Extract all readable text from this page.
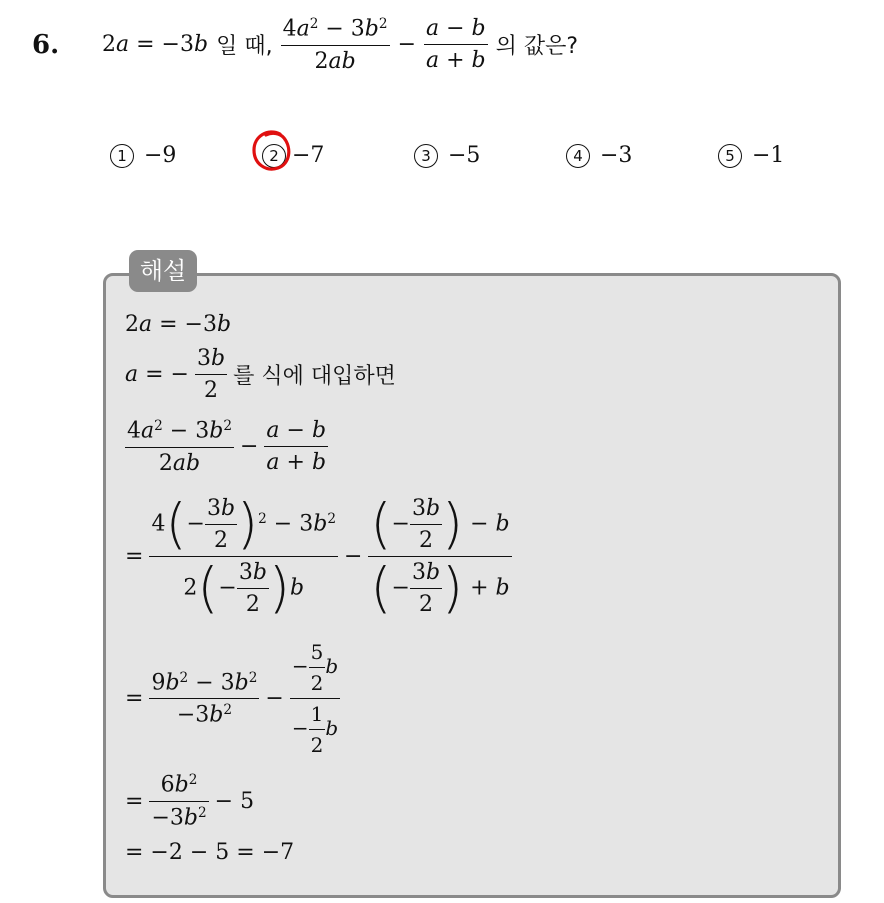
6. 2a = −3b 일 때, $\frac{4a^2 - 3b^2}{2ab} - \frac{a - b}{a + b}$ 의 값은?
1 −9	2 −7	3 −5	4 −3	5 −1
해설
2a = −3b
a = − $\frac{3b}{2}$ 를 식에 대입하면
$\frac{4a^2 - 3b^2}{2ab} - \frac{a - b}{a + b}$
= $\frac{4(- \frac{3b}{2} )^2 - 3b^2}{2(- \frac{3b}{2} )b} - \frac{(- \frac{3b}{2} ) - b}{(- \frac{3b}{2} ) + b}$
= $\frac{9b^2 - 3b^2}{-3b^2} - \frac{- \frac{5}{2} b}{- \frac{1}{2} b}$
= $\frac{6b^2}{-3b^2} - 5$
= −2 − 5 = −7
